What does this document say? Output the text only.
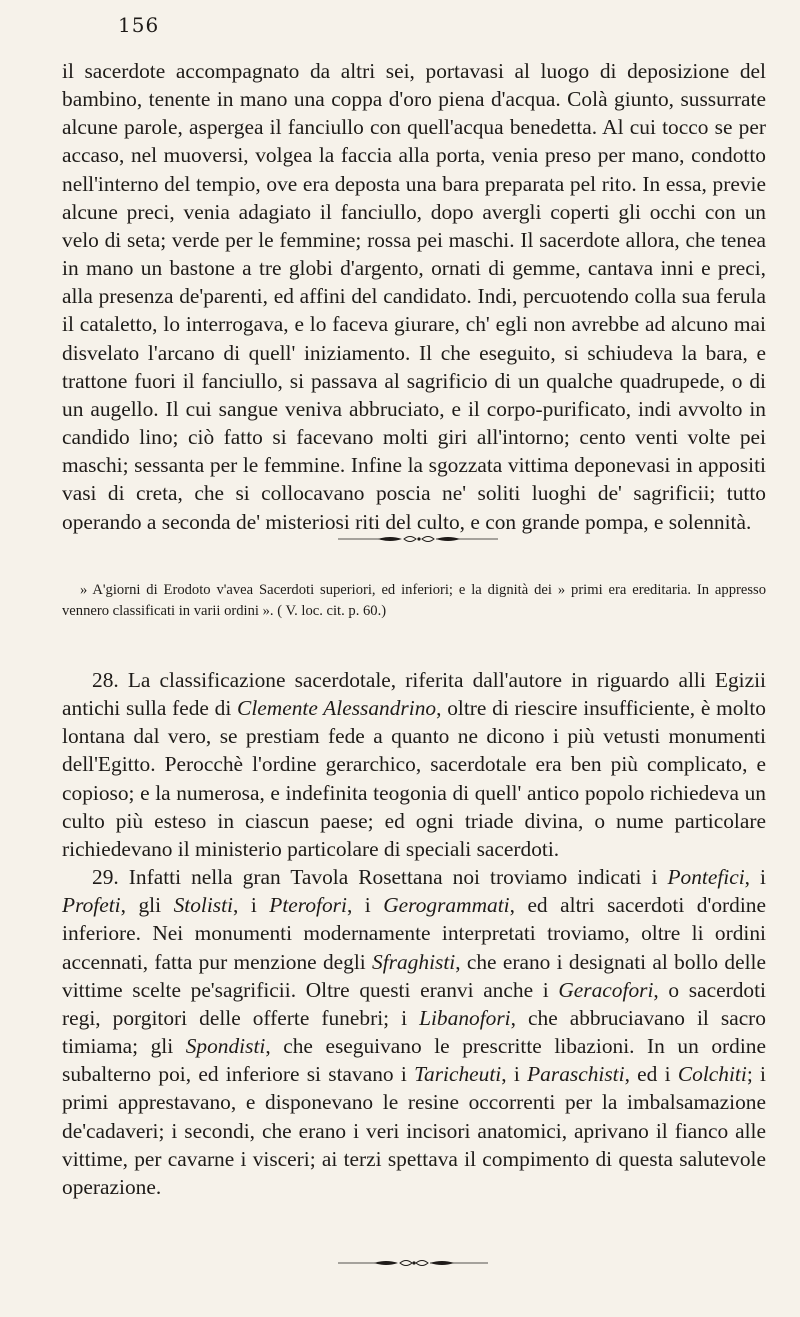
156

il sacerdote accompagnato da altri sei, portavasi al luogo di deposizione del bambino, tenente in mano una coppa d'oro piena d'acqua. Colà giunto, sussurrate alcune parole, aspergea il fanciullo con quell'acqua benedetta. Al cui tocco se per accaso, nel muoversi, volgea la faccia alla porta, venia preso per mano, condotto nell'interno del tempio, ove era deposta una bara preparata pel rito. In essa, previe alcune preci, venia adagiato il fanciullo, dopo avergli coperti gli occhi con un velo di seta; verde per le femmine; rossa pei maschi. Il sacerdote allora, che tenea in mano un bastone a tre globi d'argento, ornati di gemme, cantava inni e preci, alla presenza de'parenti, ed affini del candidato. Indi, percuotendo colla sua ferula il cataletto, lo interrogava, e lo faceva giurare, ch' egli non avrebbe ad alcuno mai disvelato l'arcano di quell' iniziamento. Il che eseguito, si schiudeva la bara, e trattone fuori il fanciullo, si passava al sagrificio di un qualche quadrupede, o di un augello. Il cui sangue veniva abbruciato, e il corpo-purificato, indi avvolto in candido lino; ciò fatto si facevano molti giri all'intorno; cento venti volte pei maschi; sessanta per le femmine. Infine la sgozzata vittima deponevasi in appositi vasi di creta, che si collocavano poscia ne' soliti luoghi de' sagrificii; tutto operando a seconda de' misteriosi riti del culto, e con grande pompa, e solennità.

» A'giorni di Erodoto v'avea Sacerdoti superiori, ed inferiori; e la dignità dei » primi era ereditaria. In appresso vennero classificati in varii ordini ». ( V. loc. cit. p. 60.)

28. La classificazione sacerdotale, riferita dall'autore in riguardo alli Egizii antichi sulla fede di Clemente Alessandrino, oltre di riescire insufficiente, è molto lontana dal vero, se prestiam fede a quanto ne dicono i più vetusti monumenti dell'Egitto. Perocchè l'ordine gerarchico, sacerdotale era ben più complicato, e copioso; e la numerosa, e indefinita teogonia di quell' antico popolo richiedeva un culto più esteso in ciascun paese; ed ogni triade divina, o nume particolare richiedevano il ministerio particolare di speciali sacerdoti.

29. Infatti nella gran Tavola Rosettana noi troviamo indicati i Pontefici, i Profeti, gli Stolisti, i Pterofori, i Gerogrammati, ed altri sacerdoti d'ordine inferiore. Nei monumenti modernamente interpretati troviamo, oltre li ordini accennati, fatta pur menzione degli Sfraghisti, che erano i designati al bollo delle vittime scelte pe'sagrificii. Oltre questi eranvi anche i Geracofori, o sacerdoti regi, porgitori delle offerte funebri; i Libanofori, che abbruciavano il sacro timiama; gli Spondisti, che eseguivano le prescritte libazioni. In un ordine subalterno poi, ed inferiore si stavano i Taricheuti, i Paraschisti, ed i Colchiti; i primi apprestavano, e disponevano le resine occorrenti per la imbalsamazione de'cadaveri; i secondi, che erano i veri incisori anatomici, aprivano il fianco alle vittime, per cavarne i visceri; ai terzi spettava il compimento di questa salutevole operazione.
